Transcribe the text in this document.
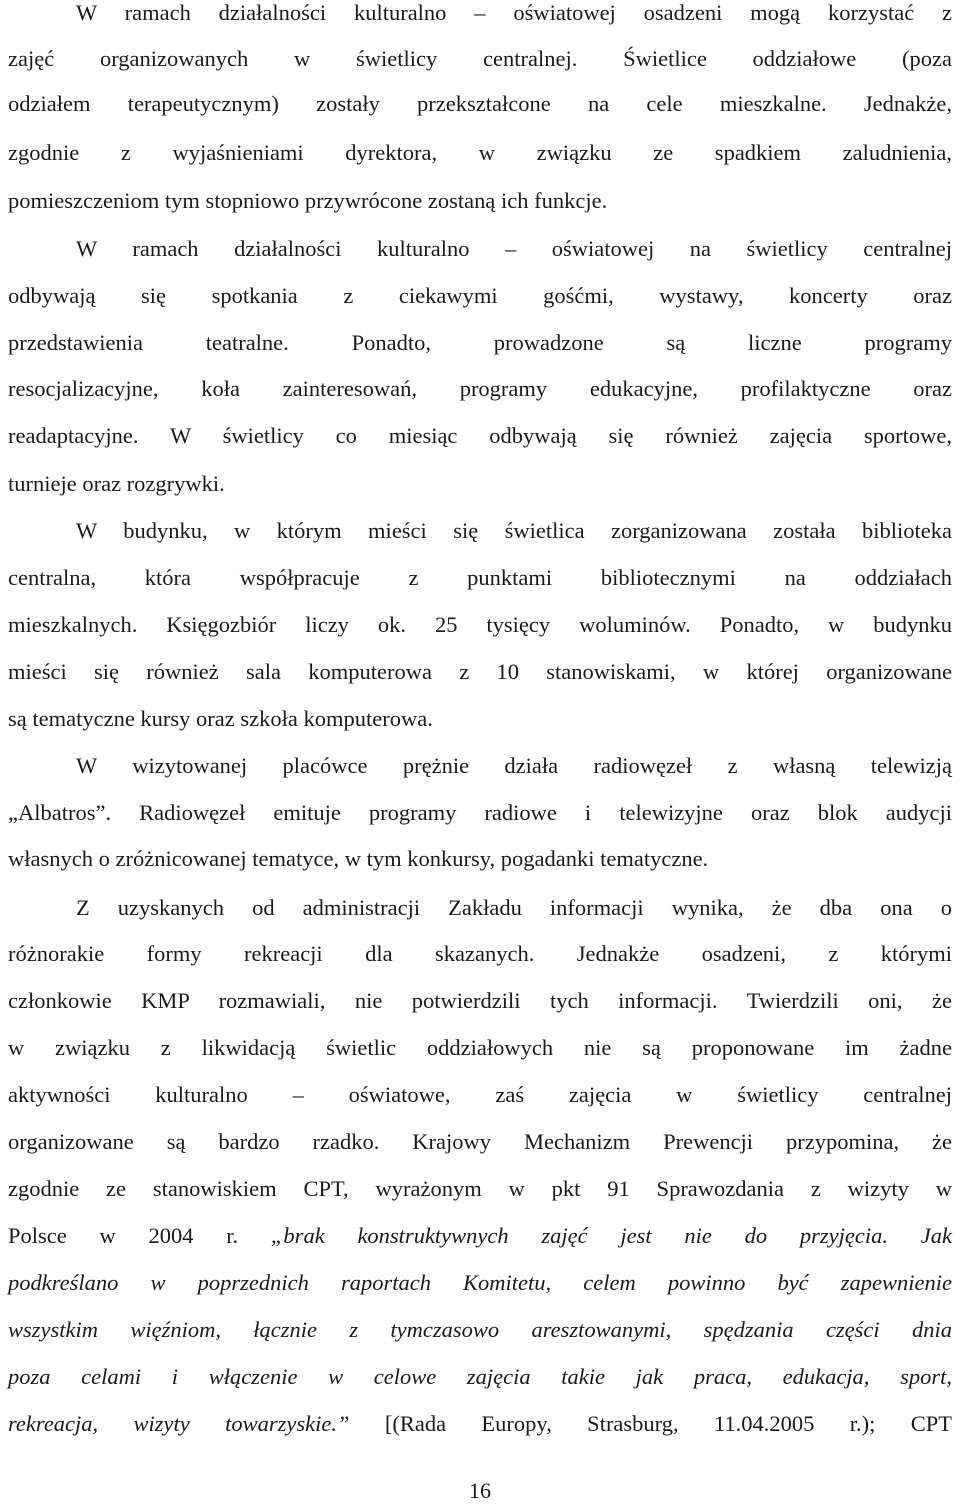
W ramach działalności kulturalno – oświatowej osadzeni mogą korzystać z
zajęć organizowanych w świetlicy centralnej. Świetlice oddziałowe (poza
odziałem terapeutycznym) zostały przekształcone na cele mieszkalne. Jednakże,
zgodnie z wyjaśnieniami dyrektora, w związku ze spadkiem zaludnienia,
pomieszczeniom tym stopniowo przywrócone zostaną ich funkcje.
W ramach działalności kulturalno – oświatowej na świetlicy centralnej
odbywają się spotkania z ciekawymi gośćmi, wystawy, koncerty oraz
przedstawienia teatralne. Ponadto, prowadzone są liczne programy
resocjalizacyjne, koła zainteresowań, programy edukacyjne, profilaktyczne oraz
readaptacyjne. W świetlicy co miesiąc odbywają się również zajęcia sportowe,
turnieje oraz rozgrywki.
W budynku, w którym mieści się świetlica zorganizowana została biblioteka
centralna, która współpracuje z punktami bibliotecznymi na oddziałach
mieszkalnych. Księgozbiór liczy ok. 25 tysięcy woluminów. Ponadto, w budynku
mieści się również sala komputerowa z 10 stanowiskami, w której organizowane
są tematyczne kursy oraz szkoła komputerowa.
W wizytowanej placówce prężnie działa radiowęzeł z własną telewizją
„Albatros”. Radiowęzeł emituje programy radiowe i telewizyjne oraz blok audycji
własnych o zróżnicowanej tematyce, w tym konkursy, pogadanki tematyczne.
Z uzyskanych od administracji Zakładu informacji wynika, że dba ona o
różnorakie formy rekreacji dla skazanych. Jednakże osadzeni, z którymi
członkowie KMP rozmawiali, nie potwierdzili tych informacji. Twierdzili oni, że
w związku z likwidacją świetlic oddziałowych nie są proponowane im żadne
aktywności kulturalno – oświatowe, zaś zajęcia w świetlicy centralnej
organizowane są bardzo rzadko. Krajowy Mechanizm Prewencji przypomina, że
zgodnie ze stanowiskiem CPT, wyrażonym w pkt 91 Sprawozdania z wizyty w
Polsce w 2004 r. „brak konstruktywnych zajęć jest nie do przyjęcia. Jak
podkreślano w poprzednich raportach Komitetu, celem powinno być zapewnienie
wszystkim więźniom, łącznie z tymczasowo aresztowanymi, spędzania części dnia
poza celami i włączenie w celowe zajęcia takie jak praca, edukacja, sport,
rekreacja, wizyty towarzyskie.” [(Rada Europy, Strasburg, 11.04.2005 r.); CPT
16
